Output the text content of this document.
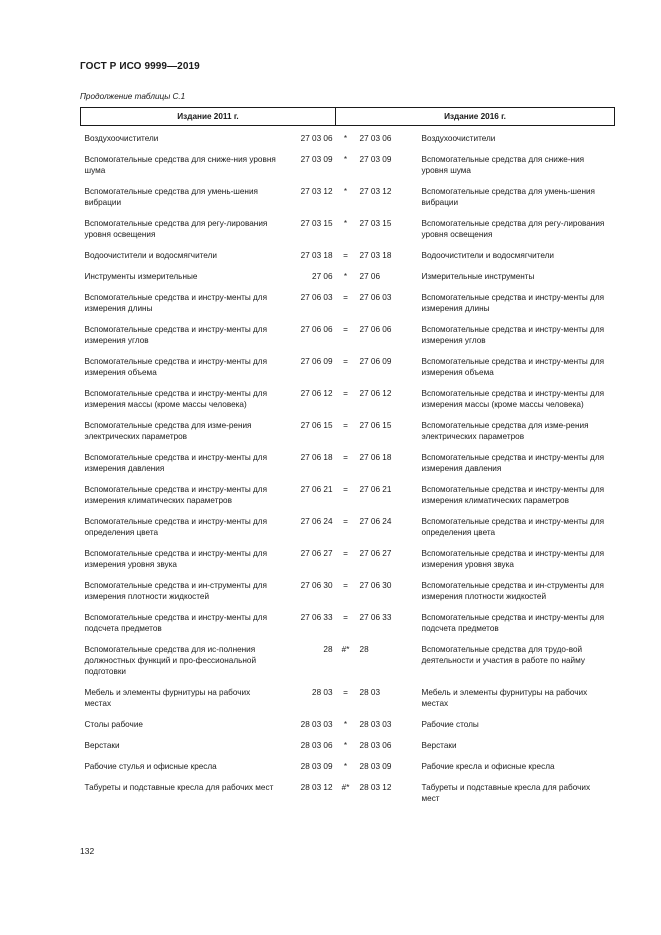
ГОСТ Р ИСО 9999—2019
Продолжение таблицы С.1
Издание 2011 г.		Издание 2016 г.		
Воздухоочистители	27 03 06	*	27 03 06	Воздухоочистители
Вспомогательные средства для сниже-ния уровня шума	27 03 09	*	27 03 09	Вспомогательные средства для сниже-ния уровня шума
Вспомогательные средства для умень-шения вибрации	27 03 12	*	27 03 12	Вспомогательные средства для умень-шения вибрации
Вспомогательные средства для регу-лирования уровня освещения	27 03 15	*	27 03 15	Вспомогательные средства для регу-лирования уровня освещения
Водоочистители и водосмягчители	27 03 18	=	27 03 18	Водоочистители и водосмягчители
Инструменты измерительные	27 06	*	27 06	Измерительные инструменты
Вспомогательные средства и инстру-менты для измерения длины	27 06 03	=	27 06 03	Вспомогательные средства и инстру-менты для измерения длины
Вспомогательные средства и инстру-менты для измерения углов	27 06 06	=	27 06 06	Вспомогательные средства и инстру-менты для измерения углов
Вспомогательные средства и инстру-менты для измерения объема	27 06 09	=	27 06 09	Вспомогательные средства и инстру-менты для измерения объема
Вспомогательные средства и инстру-менты для измерения массы (кроме массы человека)	27 06 12	=	27 06 12	Вспомогательные средства и инстру-менты для измерения массы (кроме массы человека)
Вспомогательные средства для изме-рения электрических параметров	27 06 15	=	27 06 15	Вспомогательные средства для изме-рения электрических параметров
Вспомогательные средства и инстру-менты для измерения давления	27 06 18	=	27 06 18	Вспомогательные средства и инстру-менты для измерения давления
Вспомогательные средства и инстру-менты для измерения климатических параметров	27 06 21	=	27 06 21	Вспомогательные средства и инстру-менты для измерения климатических параметров
Вспомогательные средства и инстру-менты для определения цвета	27 06 24	=	27 06 24	Вспомогательные средства и инстру-менты для определения цвета
Вспомогательные средства и инстру-менты для измерения уровня звука	27 06 27	=	27 06 27	Вспомогательные средства и инстру-менты для измерения уровня звука
Вспомогательные средства и ин-струменты для измерения плотности жидкостей	27 06 30	=	27 06 30	Вспомогательные средства и ин-струменты для измерения плотности жидкостей
Вспомогательные средства и инстру-менты для подсчета предметов	27 06 33	=	27 06 33	Вспомогательные средства и инстру-менты для подсчета предметов
Вспомогательные средства для ис-полнения должностных функций и про-фессиональной подготовки	28	#*	28	Вспомогательные средства для трудо-вой деятельности и участия в работе по найму
Мебель и элементы фурнитуры на рабочих местах	28 03	=	28 03	Мебель и элементы фурнитуры на рабочих местах
Столы рабочие	28 03 03	*	28 03 03	Рабочие столы
Верстаки	28 03 06	*	28 03 06	Верстаки
Рабочие стулья и офисные кресла	28 03 09	*	28 03 09	Рабочие кресла и офисные кресла
Табуреты и подставные кресла для рабочих мест	28 03 12	#*	28 03 12	Табуреты и подставные кресла для рабочих мест
132
